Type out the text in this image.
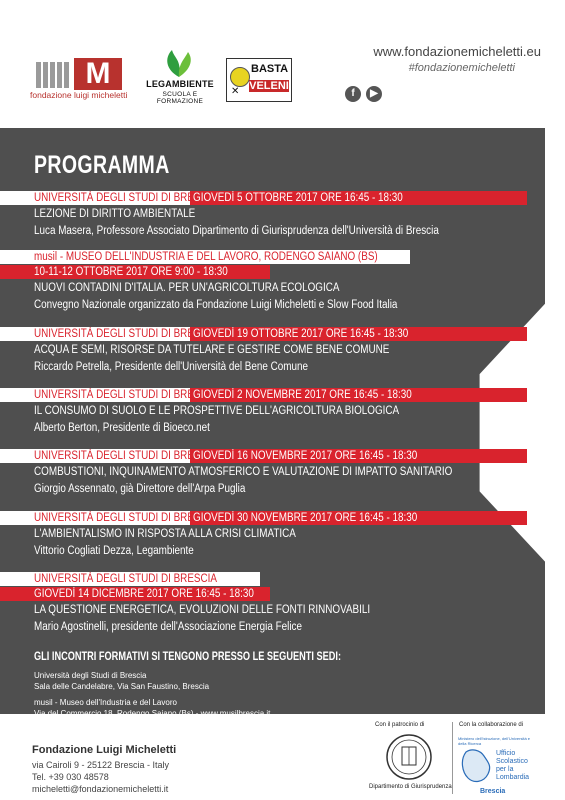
M
fondazione luigi micheletti
LEGAMBIENTE
SCUOLA E FORMAZIONE
BASTA
VELENI
✕
www.fondazionemicheletti.eu
#fondazionemicheletti
f ▶
PROGRAMMA
UNIVERSITÀ DEGLI STUDI DI BRESCIA
GIOVEDÌ 5 OTTOBRE 2017 ORE 16:45 - 18:30
LEZIONE DI DIRITTO AMBIENTALE
Luca Masera, Professore Associato Dipartimento di Giurisprudenza dell'Università di Brescia
musil - MUSEO DELL'INDUSTRIA E DEL LAVORO, RODENGO SAIANO (BS)
10-11-12 OTTOBRE 2017 ORE 9:00 - 18:30
NUOVI CONTADINI D'ITALIA. PER UN'AGRICOLTURA ECOLOGICA
Convegno Nazionale organizzato da Fondazione Luigi Micheletti e Slow Food Italia
UNIVERSITÀ DEGLI STUDI DI BRESCIA
GIOVEDÌ 19 OTTOBRE 2017 ORE 16:45 - 18:30
ACQUA E SEMI, RISORSE DA TUTELARE E GESTIRE COME BENE COMUNE
Riccardo Petrella, Presidente dell'Università del Bene Comune
UNIVERSITÀ DEGLI STUDI DI BRESCIA
GIOVEDÌ 2 NOVEMBRE 2017 ORE 16:45 - 18:30
IL CONSUMO DI SUOLO E LE PROSPETTIVE DELL'AGRICOLTURA BIOLOGICA
Alberto Berton, Presidente di Bioeco.net
UNIVERSITÀ DEGLI STUDI DI BRESCIA
GIOVEDÌ 16 NOVEMBRE 2017 ORE 16:45 - 18:30
COMBUSTIONI, INQUINAMENTO ATMOSFERICO E VALUTAZIONE DI IMPATTO SANITARIO
Giorgio Assennato, già Direttore dell'Arpa Puglia
UNIVERSITÀ DEGLI STUDI DI BRESCIA
GIOVEDÌ 30 NOVEMBRE 2017 ORE 16:45 - 18:30
L'AMBIENTALISMO IN RISPOSTA ALLA CRISI CLIMATICA
Vittorio Cogliati Dezza, Legambiente
UNIVERSITÀ DEGLI STUDI DI BRESCIA
GIOVEDÌ 14 DICEMBRE 2017 ORE 16:45 - 18:30
LA QUESTIONE ENERGETICA, EVOLUZIONI DELLE FONTI RINNOVABILI
Mario Agostinelli, presidente dell'Associazione Energia Felice
GLI INCONTRI FORMATIVI SI TENGONO PRESSO LE SEGUENTI SEDI:
Università degli Studi di Brescia
Sala delle Candelabre, Via San Faustino, Brescia
musil - Museo dell'Industria e del Lavoro
Via del Commercio 18, Rodengo Saiano (Bs) - www.musilbrescia.it
Fondazione Luigi Micheletti
via Cairoli 9 - 25122 Brescia - Italy
Tel. +39 030 48578
micheletti@fondazionemicheletti.it
Con il patrocinio di
Dipartimento di Giurisprudenza
Con la collaborazione di
Ministero dell'Istruzione, dell'Università e della Ricerca
Ufficio
Scolastico
per la
Lombardia
Brescia
